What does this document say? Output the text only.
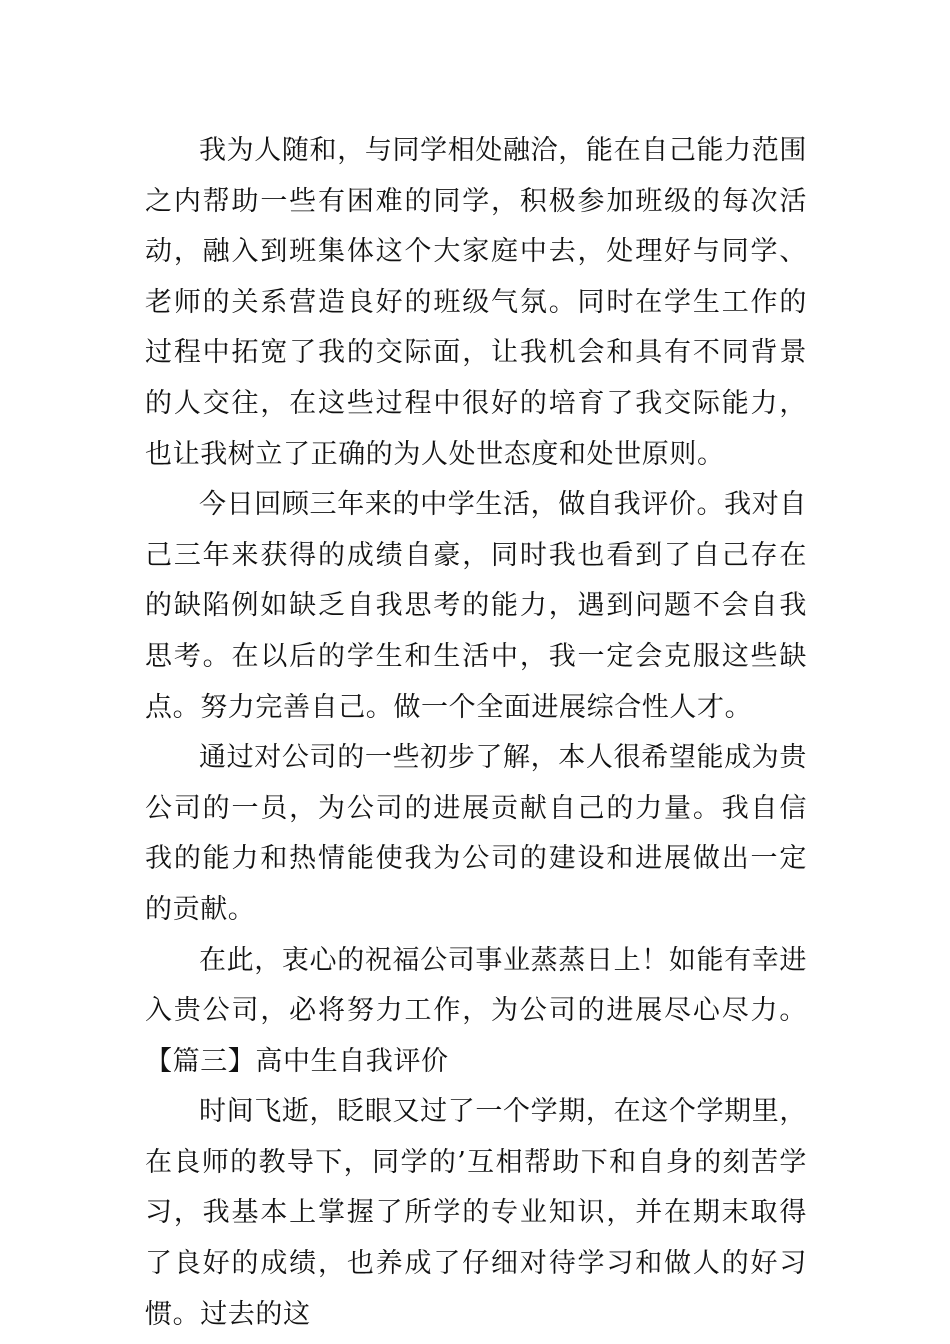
我为人随和，与同学相处融洽，能在自己能力范围之内帮助一些有困难的同学，积极参加班级的每次活动，融入到班集体这个大家庭中去，处理好与同学、老师的关系营造良好的班级气氛。同时在学生工作的过程中拓宽了我的交际面，让我机会和具有不同背景的人交往，在这些过程中很好的培育了我交际能力，也让我树立了正确的为人处世态度和处世原则。

今日回顾三年来的中学生活，做自我评价。我对自己三年来获得的成绩自豪，同时我也看到了自己存在的缺陷例如缺乏自我思考的能力，遇到问题不会自我思考。在以后的学生和生活中，我一定会克服这些缺点。努力完善自己。做一个全面进展综合性人才。

通过对公司的一些初步了解，本人很希望能成为贵公司的一员，为公司的进展贡献自己的力量。我自信我的能力和热情能使我为公司的建设和进展做出一定的贡献。

在此，衷心的祝福公司事业蒸蒸日上！如能有幸进入贵公司，必将努力工作，为公司的进展尽心尽力。【篇三】高中生自我评价

时间飞逝，眨眼又过了一个学期，在这个学期里，在良师的教导下，同学的’互相帮助下和自身的刻苦学习，我基本上掌握了所学的专业知识，并在期末取得了良好的成绩，也养成了仔细对待学习和做人的好习惯。过去的这
